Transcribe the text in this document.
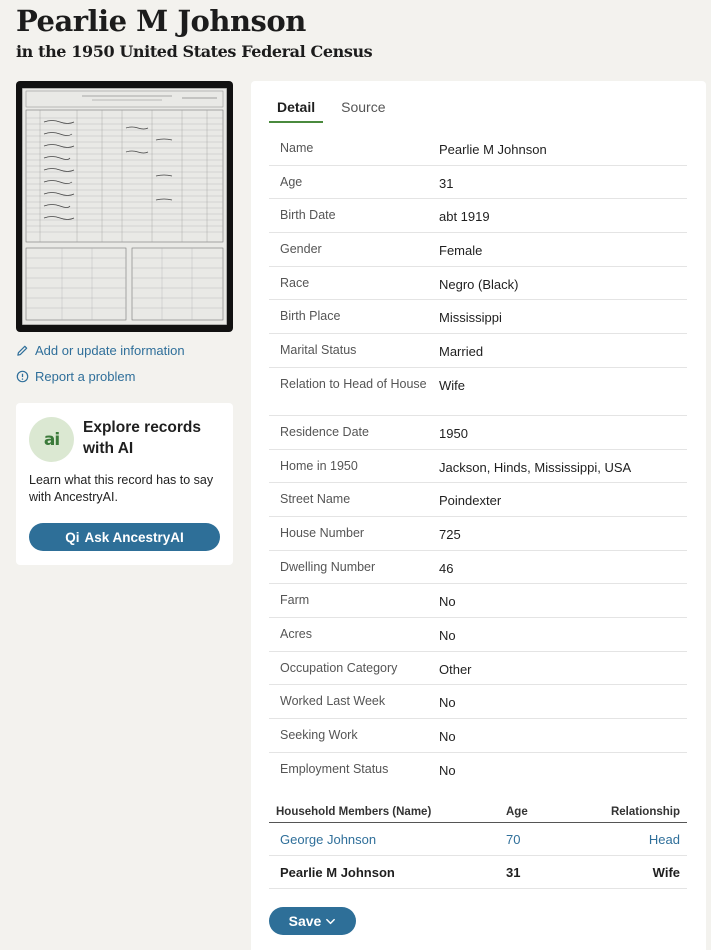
Pearlie M Johnson
in the 1950 United States Federal Census
Add or update information
Report a problem
ai
Explore records with AI
Learn what this record has to say with AncestryAI.
Qi Ask AncestryAI
Detail	Source
Name	Pearlie M Johnson
Age	31
Birth Date	abt 1919
Gender	Female
Race	Negro (Black)
Birth Place	Mississippi
Marital Status	Married
Relation to Head of House Wife
Residence Date	1950
Home in 1950	Jackson, Hinds, Mississippi, USA
Street Name	Poindexter
House Number	725
Dwelling Number	46
Farm	No
Acres	No
Occupation Category	Other
Worked Last Week	No
Seeking Work	No
Employment Status	No
Household Members (Name)	Age	Relationship
George Johnson	70	Head
Pearlie M Johnson	31	Wife
Save
